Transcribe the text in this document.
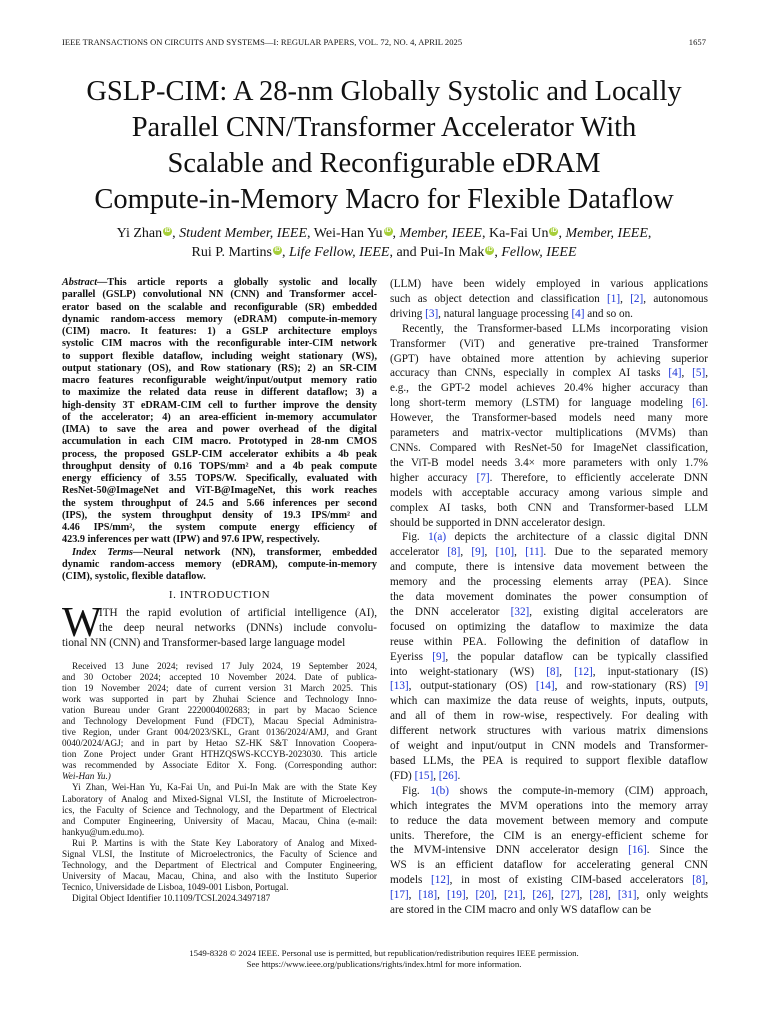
IEEE TRANSACTIONS ON CIRCUITS AND SYSTEMS—I: REGULAR PAPERS, VOL. 72, NO. 4, APRIL 2025	1657
GSLP-CIM: A 28-nm Globally Systolic and Locally
Parallel CNN/Transformer Accelerator With
Scalable and Reconfigurable eDRAM
Compute-in-Memory Macro for Flexible Dataflow
Yi Zhan iD , Student Member, IEEE, Wei-Han Yu iD , Member, IEEE, Ka-Fai Un iD , Member, IEEE,
Rui P. Martins iD , Life Fellow, IEEE, and Pui-In Mak iD , Fellow, IEEE
Abstract—This article reports a globally systolic and locally
parallel (GSLP) convolutional NN (CNN) and Transformer accel-
erator based on the scalable and reconfigurable (SR) embedded
dynamic random-access memory (eDRAM) compute-in-memory
(CIM) macro. It features: 1) a GSLP architecture employs
systolic CIM macros with the reconfigurable inter-CIM network
to support flexible dataflow, including weight stationary (WS),
output stationary (OS), and Row stationary (RS); 2) an SR-CIM
macro features reconfigurable weight/input/output memory ratio
to maximize the related data reuse in different dataflow; 3) a
high-density 3T eDRAM-CIM cell to further improve the density
of the accelerator; 4) an area-efficient in-memory accumulator
(IMA) to save the area and power overhead of the digital
accumulation in each CIM macro. Prototyped in 28-nm CMOS
process, the proposed GSLP-CIM accelerator exhibits a 4b peak
throughput density of 0.16 TOPS/mm² and a 4b peak compute
energy efficiency of 3.55 TOPS/W. Specifically, evaluated with
ResNet-50@ImageNet and ViT-B@ImageNet, this work reaches
the system throughput of 24.5 and 5.66 inferences per second
(IPS), the system throughput density of 19.3 IPS/mm² and
4.46 IPS/mm², the system compute energy efficiency of
423.9 inferences per watt (IPW) and 97.6 IPW, respectively.
Index Terms—Neural network (NN), transformer, embedded
dynamic random-access memory (eDRAM), compute-in-memory
(CIM), systolic, flexible dataflow.
I. INTRODUCTION
W
ITH the rapid evolution of artificial intelligence (AI),
the deep neural networks (DNNs) include convolu-
tional NN (CNN) and Transformer-based large language model
Received 13 June 2024; revised 17 July 2024, 19 September 2024,
and 30 October 2024; accepted 10 November 2024. Date of publica-
tion 19 November 2024; date of current version 31 March 2025. This
work was supported in part by Zhuhai Science and Technology Inno-
vation Bureau under Grant 2220004002683; in part by Macao Science
and Technology Development Fund (FDCT), Macau Special Administra-
tive Region, under Grant 004/2023/SKL, Grant 0136/2024/AMJ, and Grant
0040/2024/AGJ; and in part by Hetao SZ-HK S&T Innovation Coopera-
tion Zone Project under Grant HTHZQSWS-KCCYB-2023030. This article
was recommended by Associate Editor X. Fong. (Corresponding author:
Wei-Han Yu.)
Yi Zhan, Wei-Han Yu, Ka-Fai Un, and Pui-In Mak are with the State Key
Laboratory of Analog and Mixed-Signal VLSI, the Institute of Microelectron-
ics, the Faculty of Science and Technology, and the Department of Electrical
and Computer Engineering, University of Macau, Macau, China (e-mail:
hankyu@um.edu.mo).
Rui P. Martins is with the State Key Laboratory of Analog and Mixed-
Signal VLSI, the Institute of Microelectronics, the Faculty of Science and
Technology, and the Department of Electrical and Computer Engineering,
University of Macau, Macau, China, and also with the Instituto Superior
Tecnico, Universidade de Lisboa, 1049-001 Lisbon, Portugal.
Digital Object Identifier 10.1109/TCSI.2024.3497187
(LLM) have been widely employed in various applications
such as object detection and classification [1], [2], autonomous
driving [3], natural language processing [4] and so on.
Recently, the Transformer-based LLMs incorporating vision
Transformer (ViT) and generative pre-trained Transformer
(GPT) have obtained more attention by achieving superior
accuracy than CNNs, especially in complex AI tasks [4], [5],
e.g., the GPT-2 model achieves 20.4% higher accuracy than
long short-term memory (LSTM) for language modeling [6].
However, the Transformer-based models need many more
parameters and matrix-vector multiplications (MVMs) than
CNNs. Compared with ResNet-50 for ImageNet classification,
the ViT-B model needs 3.4× more parameters with only 1.7%
higher accuracy [7]. Therefore, to efficiently accelerate DNN
models with acceptable accuracy among various simple and
complex AI tasks, both CNN and Transformer-based LLM
should be supported in DNN accelerator design.
Fig. 1(a) depicts the architecture of a classic digital DNN
accelerator [8], [9], [10], [11]. Due to the separated memory
and compute, there is intensive data movement between the
memory and the processing elements array (PEA). Since
the data movement dominates the power consumption of
the DNN accelerator [32], existing digital accelerators are
focused on optimizing the dataflow to maximize the data
reuse within PEA. Following the definition of dataflow in
Eyeriss [9], the popular dataflow can be typically classified
into weight-stationary (WS) [8], [12], input-stationary (IS)
[13], output-stationary (OS) [14], and row-stationary (RS) [9]
which can maximize the data reuse of weights, inputs, outputs,
and all of them in row-wise, respectively. For dealing with
different network structures with various matrix dimensions
of weight and input/output in CNN models and Transformer-
based LLMs, the PEA is required to support flexible dataflow
(FD) [15], [26].
Fig. 1(b) shows the compute-in-memory (CIM) approach,
which integrates the MVM operations into the memory array
to reduce the data movement between memory and compute
units. Therefore, the CIM is an energy-efficient scheme for
the MVM-intensive DNN accelerator design [16]. Since the
WS is an efficient dataflow for accelerating general CNN
models [12], in most of existing CIM-based accelerators [8],
[17], [18], [19], [20], [21], [26], [27], [28], [31], only weights
are stored in the CIM macro and only WS dataflow can be
1549-8328 © 2024 IEEE. Personal use is permitted, but republication/redistribution requires IEEE permission.
See https://www.ieee.org/publications/rights/index.html for more information.
